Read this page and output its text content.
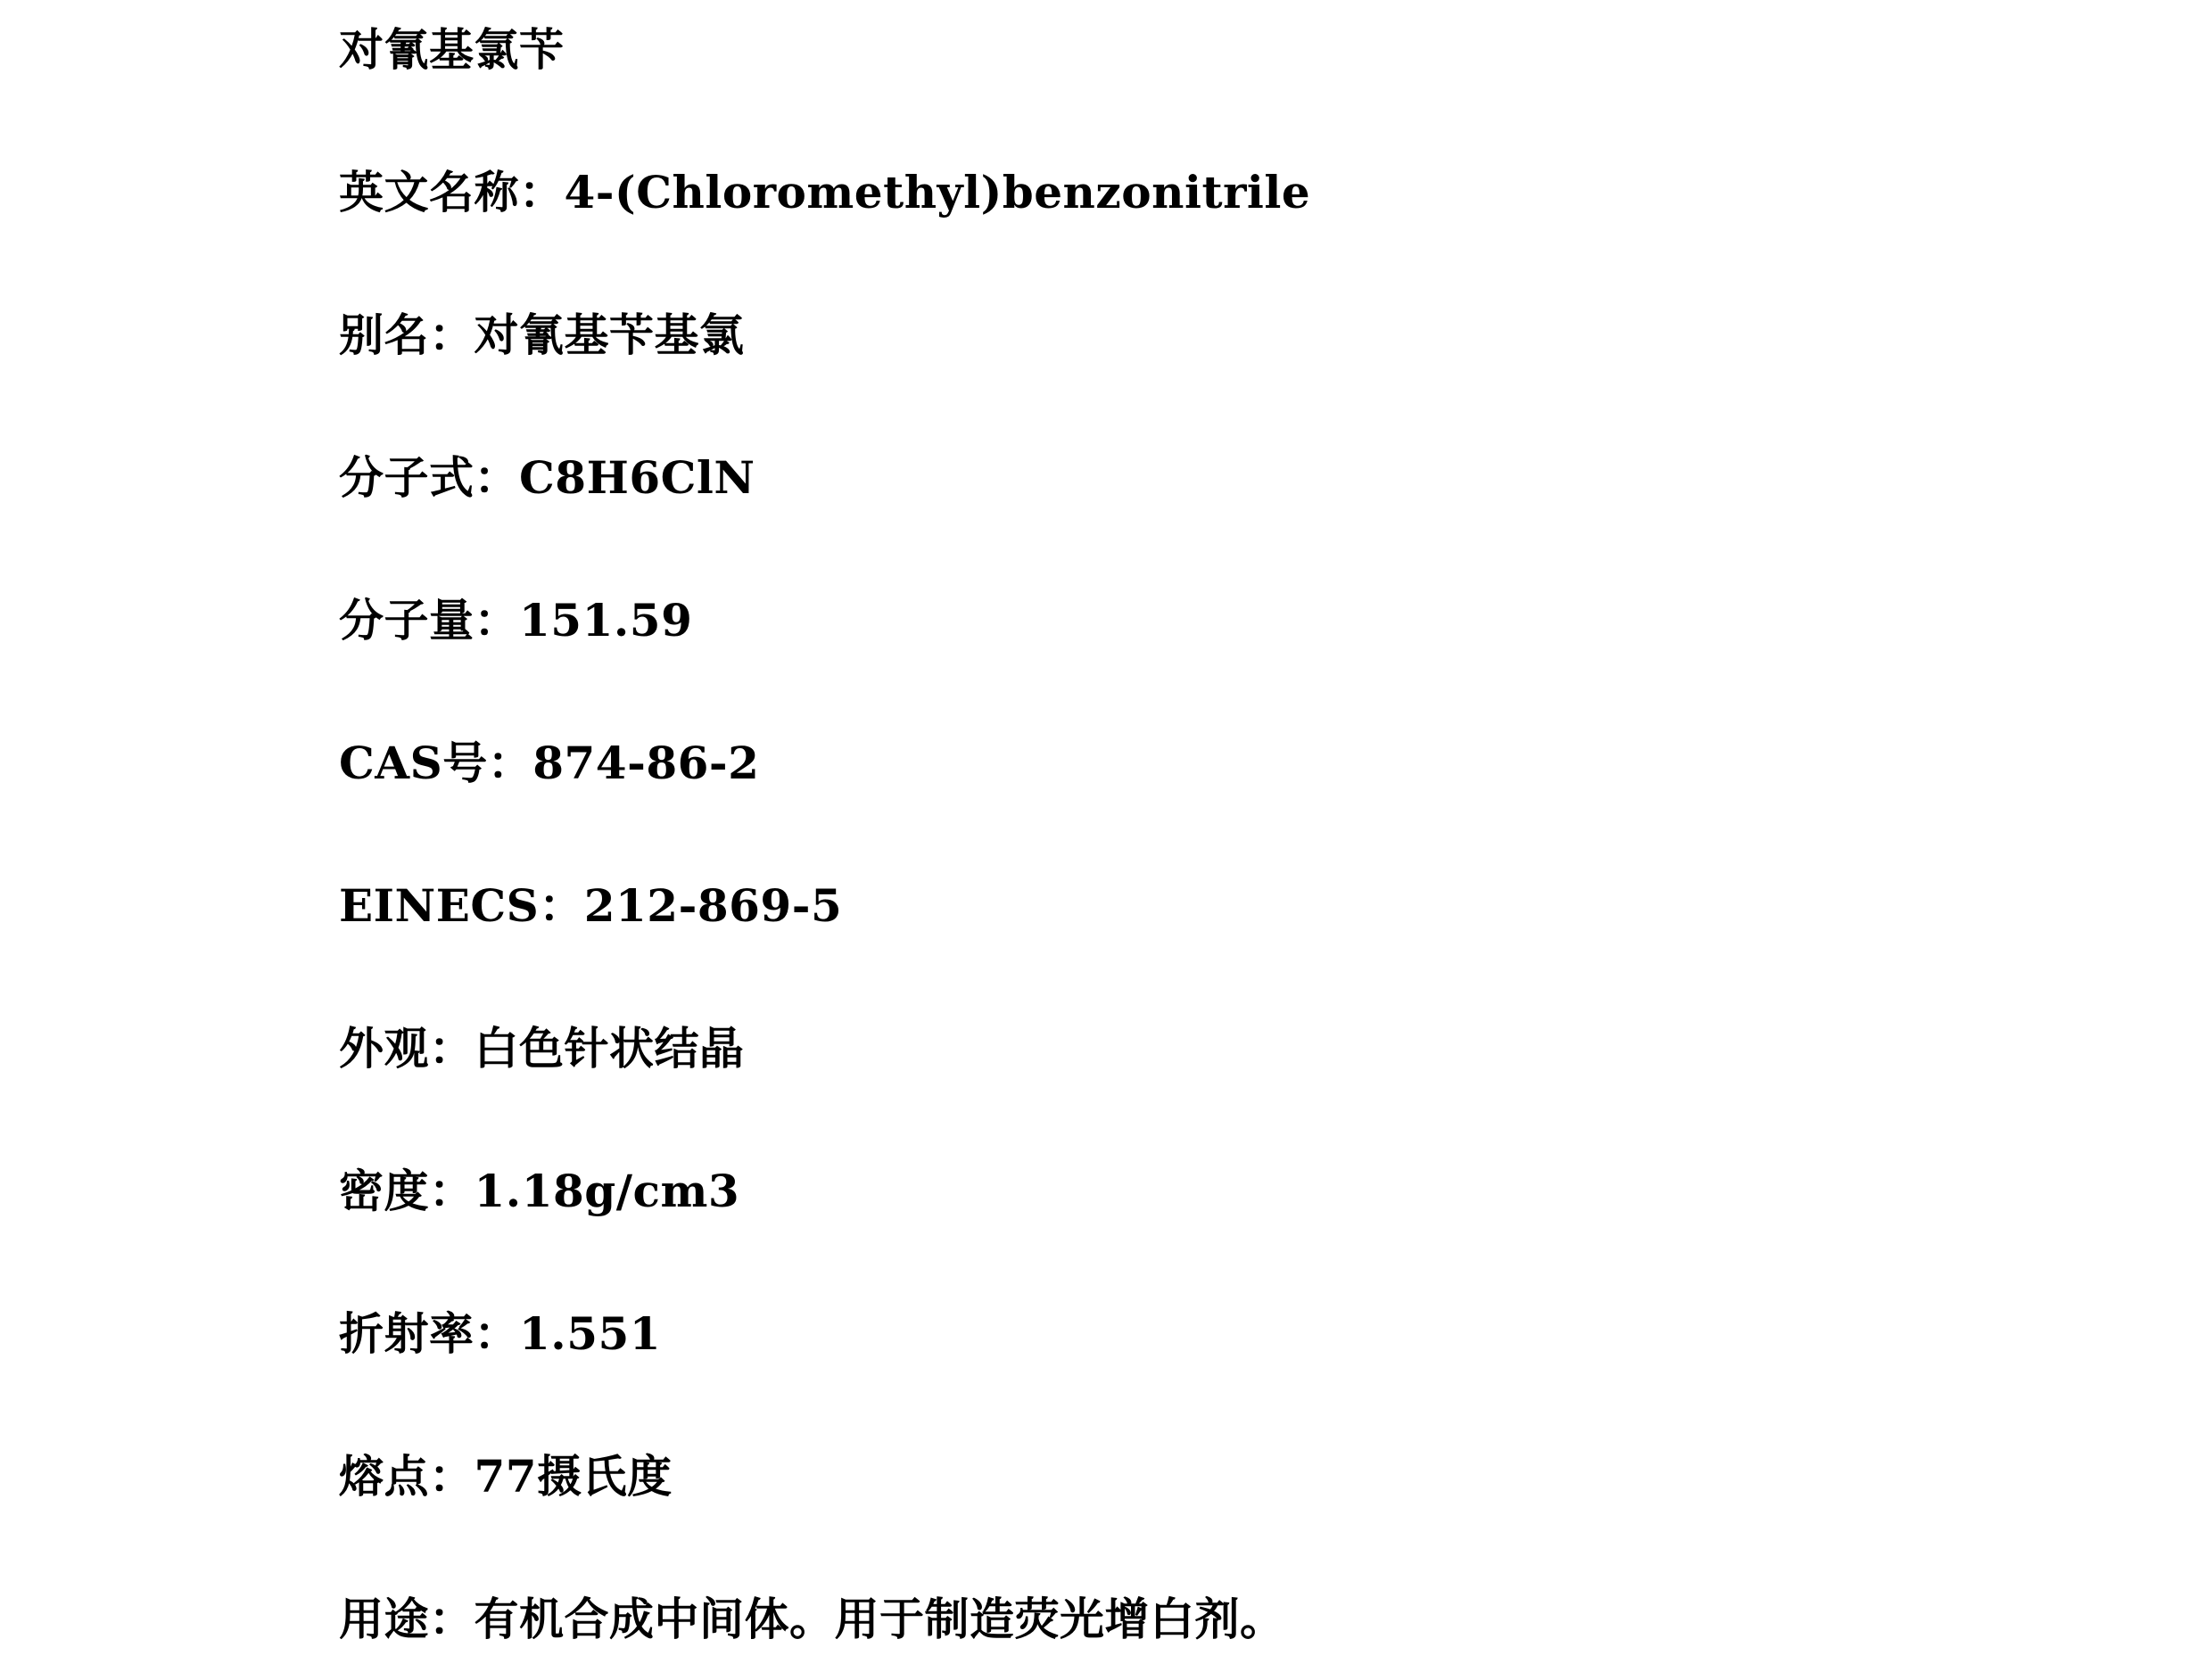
对氰基氯苄
英文名称：4-(Chloromethyl)benzonitrile
别名：对氰基苄基氯
分子式：C8H6ClN
分子量：151.59
CAS号：874-86-2
EINECS：212-869-5
外观：白色针状结晶
密度：1.18g/cm3
折射率：1.551
熔点：77摄氏度
用途：有机合成中间体。用于制造荧光增白剂。
